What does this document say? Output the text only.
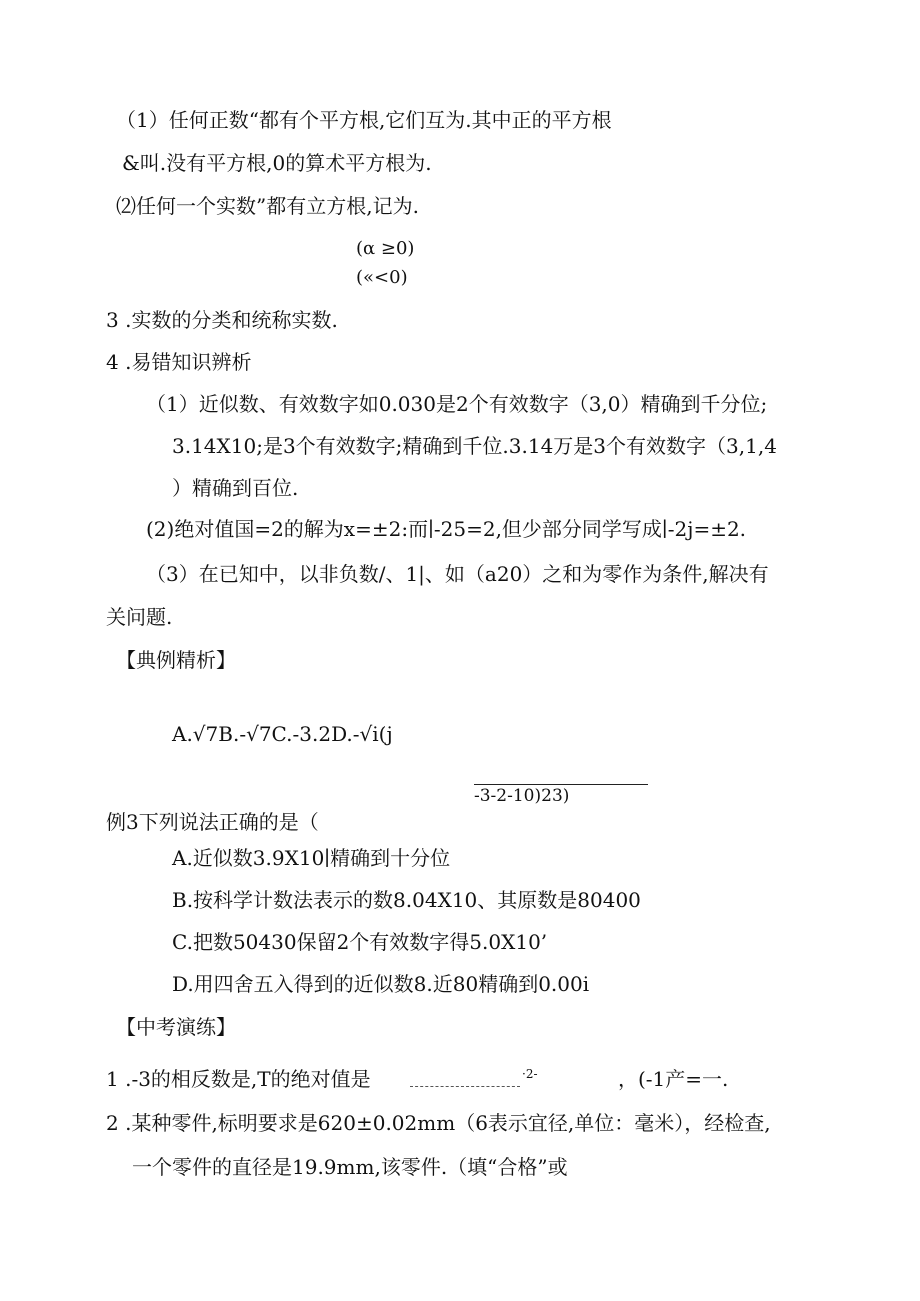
（1）任何正数“都有个平方根,它们互为.其中正的平方根
&叫.没有平方根,0的算术平方根为.
⑵任何一个实数”都有立方根,记为.
(α ≥0)
(«<0)
3 .实数的分类和统称实数.
4 .易错知识辨析
（1）近似数、有效数字如0.030是2个有效数字（3,0）精确到千分位;
3.14X10;是3个有效数字;精确到千位.3.14万是3个有效数字（3,1,4
）精确到百位.
(2)绝对值国=2的解为x=±2:而∣-25=2,但少部分同学写成∣-2j=±2.
（3）在已知中，以非负数/、1|、如（a20）之和为零作为条件,解决有
关问题.
【典例精析】
A.√7B.-√7C.-3.2D.-√i(j
-3-2-10)23)
例3下列说法正确的是（
A.近似数3.9X10∣精确到十分位
B.按科学计数法表示的数8.04X10、其原数是80400
C.把数50430保留2个有效数字得5.0X10’
D.用四舍五入得到的近似数8.近80精确到0.00i
【中考演练】
1 .-3的相反数是,T的绝对值是	·2-	，(-1产=一.
2 .某种零件,标明要求是620±0.02mm（6表示宜径,单位：毫米），经检查,
一个零件的直径是19.9mm,该零件.（填“合格”或
